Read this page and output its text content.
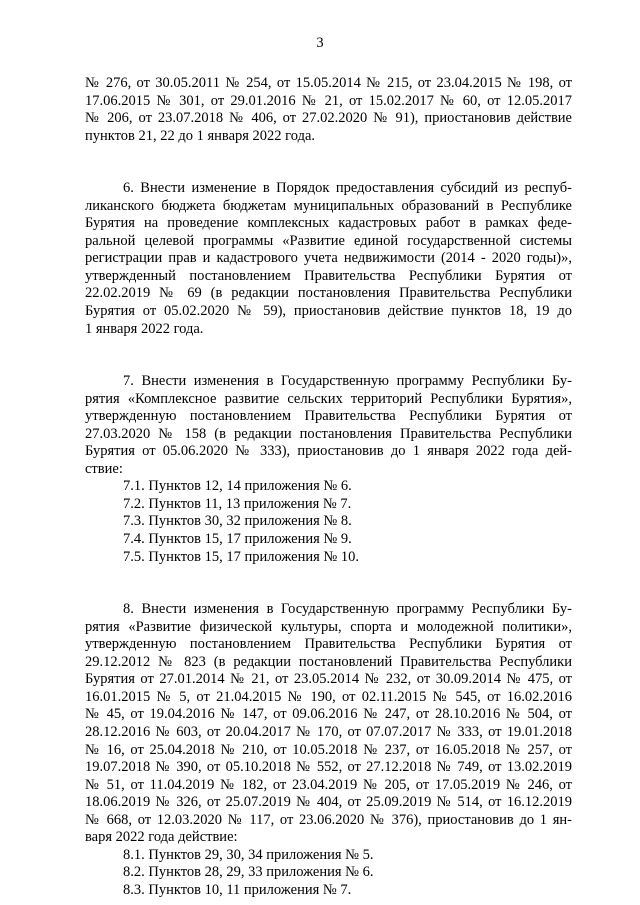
3
№ 276, от 30.05.2011 № 254, от 15.05.2014 № 215, от 23.04.2015 № 198, от
17.06.2015 № 301, от 29.01.2016 № 21, от 15.02.2017 № 60, от 12.05.2017
№ 206, от 23.07.2018 № 406, от 27.02.2020 № 91), приостановив действие
пунктов 21, 22 до 1 января 2022 года.
6. Внести изменение в Порядок предоставления субсидий из респуб-
ликанского бюджета бюджетам муниципальных образований в Республике
Бурятия на проведение комплексных кадастровых работ в рамках феде-
ральной целевой программы «Развитие единой государственной системы
регистрации прав и кадастрового учета недвижимости (2014 - 2020 годы)»,
утвержденный постановлением Правительства Республики Бурятия от
22.02.2019 № 69 (в редакции постановления Правительства Республики
Бурятия от 05.02.2020 № 59), приостановив действие пунктов 18, 19 до
1 января 2022 года.
7. Внести изменения в Государственную программу Республики Бу-
рятия «Комплексное развитие сельских территорий Республики Бурятия»,
утвержденную постановлением Правительства Республики Бурятия от
27.03.2020 № 158 (в редакции постановления Правительства Республики
Бурятия от 05.06.2020 № 333), приостановив до 1 января 2022 года дей-
ствие:
7.1. Пунктов 12, 14 приложения № 6.
7.2. Пунктов 11, 13 приложения № 7.
7.3. Пунктов 30, 32 приложения № 8.
7.4. Пунктов 15, 17 приложения № 9.
7.5. Пунктов 15, 17 приложения № 10.
8. Внести изменения в Государственную программу Республики Бу-
рятия «Развитие физической культуры, спорта и молодежной политики»,
утвержденную постановлением Правительства Республики Бурятия от
29.12.2012 № 823 (в редакции постановлений Правительства Республики
Бурятия от 27.01.2014 № 21, от 23.05.2014 № 232, от 30.09.2014 № 475, от
16.01.2015 № 5, от 21.04.2015 № 190, от 02.11.2015 № 545, от 16.02.2016
№ 45, от 19.04.2016 № 147, от 09.06.2016 № 247, от 28.10.2016 № 504, от
28.12.2016 № 603, от 20.04.2017 № 170, от 07.07.2017 № 333, от 19.01.2018
№ 16, от 25.04.2018 № 210, от 10.05.2018 № 237, от 16.05.2018 № 257, от
19.07.2018 № 390, от 05.10.2018 № 552, от 27.12.2018 № 749, от 13.02.2019
№ 51, от 11.04.2019 № 182, от 23.04.2019 № 205, от 17.05.2019 № 246, от
18.06.2019 № 326, от 25.07.2019 № 404, от 25.09.2019 № 514, от 16.12.2019
№ 668, от 12.03.2020 № 117, от 23.06.2020 № 376), приостановив до 1 ян-
варя 2022 года действие:
8.1. Пунктов 29, 30, 34 приложения № 5.
8.2. Пунктов 28, 29, 33 приложения № 6.
8.3. Пунктов 10, 11 приложения № 7.
